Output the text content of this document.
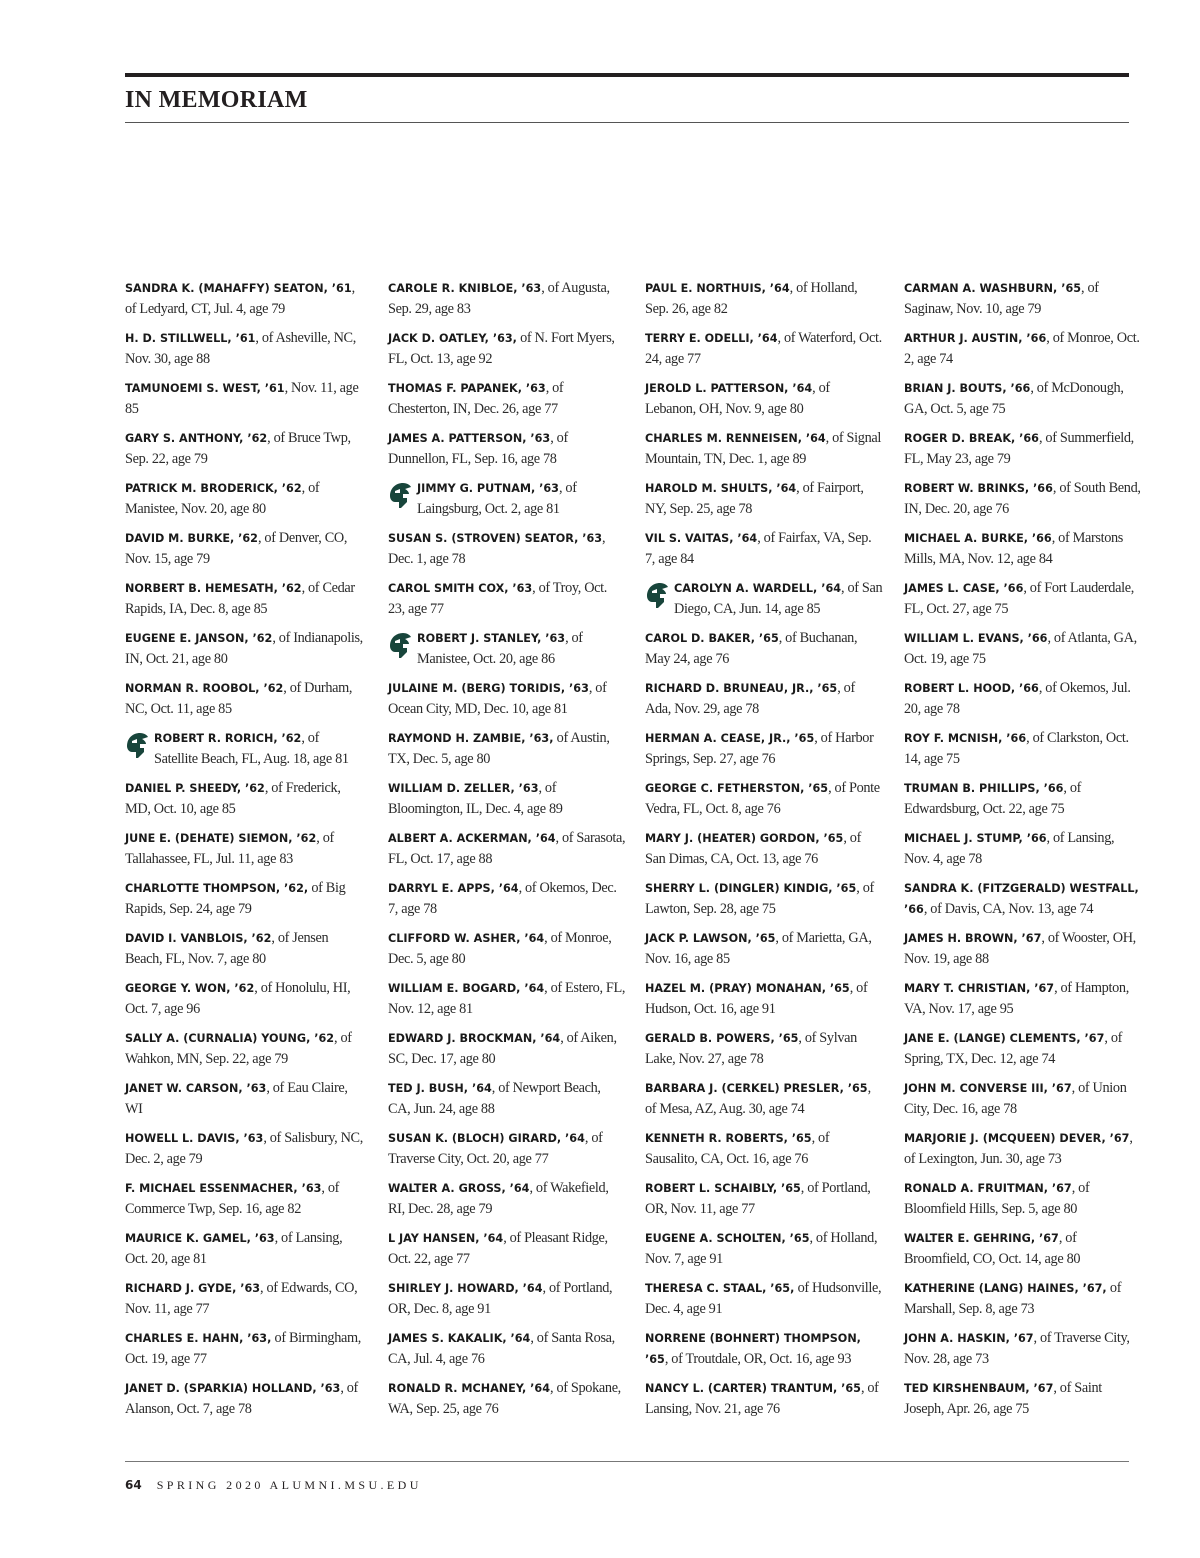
IN MEMORIAM
SANDRA K. (MAHAFFY) SEATON, ’61, of Ledyard, CT, Jul. 4, age 79
H. D. STILLWELL, ’61, of Asheville, NC, Nov. 30, age 88
TAMUNOEMI S. WEST, ’61, Nov. 11, age 85
GARY S. ANTHONY, ’62, of Bruce Twp, Sep. 22, age 79
PATRICK M. BRODERICK, ’62, of Manistee, Nov. 20, age 80
DAVID M. BURKE, ’62, of Denver, CO, Nov. 15, age 79
NORBERT B. HEMESATH, ’62, of Cedar Rapids, IA, Dec. 8, age 85
EUGENE E. JANSON, ’62, of Indianapolis, IN, Oct. 21, age 80
NORMAN R. ROOBOL, ’62, of Durham, NC, Oct. 11, age 85
ROBERT R. RORICH, ’62, of Satellite Beach, FL, Aug. 18, age 81
DANIEL P. SHEEDY, ’62, of Frederick, MD, Oct. 10, age 85
JUNE E. (DEHATE) SIEMON, ’62, of Tallahassee, FL, Jul. 11, age 83
CHARLOTTE THOMPSON, ’62, of Big Rapids, Sep. 24, age 79
DAVID I. VANBLOIS, ’62, of Jensen Beach, FL, Nov. 7, age 80
GEORGE Y. WON, ’62, of Honolulu, HI, Oct. 7, age 96
SALLY A. (CURNALIA) YOUNG, ’62, of Wahkon, MN, Sep. 22, age 79
JANET W. CARSON, ’63, of Eau Claire, WI
HOWELL L. DAVIS, ’63, of Salisbury, NC, Dec. 2, age 79
F. MICHAEL ESSENMACHER, ’63, of Commerce Twp, Sep. 16, age 82
MAURICE K. GAMEL, ’63, of Lansing, Oct. 20, age 81
RICHARD J. GYDE, ’63, of Edwards, CO, Nov. 11, age 77
CHARLES E. HAHN, ’63, of Birmingham, Oct. 19, age 77
JANET D. (SPARKIA) HOLLAND, ’63, of Alanson, Oct. 7, age 78
CAROLE R. KNIBLOE, ’63, of Augusta, Sep. 29, age 83
JACK D. OATLEY, ’63, of N. Fort Myers, FL, Oct. 13, age 92
THOMAS F. PAPANEK, ’63, of Chesterton, IN, Dec. 26, age 77
JAMES A. PATTERSON, ’63, of Dunnellon, FL, Sep. 16, age 78
JIMMY G. PUTNAM, ’63, of Laingsburg, Oct. 2, age 81
SUSAN S. (STROVEN) SEATOR, ’63, Dec. 1, age 78
CAROL SMITH COX, ’63, of Troy, Oct. 23, age 77
ROBERT J. STANLEY, ’63, of Manistee, Oct. 20, age 86
JULAINE M. (BERG) TORIDIS, ’63, of Ocean City, MD, Dec. 10, age 81
RAYMOND H. ZAMBIE, ’63, of Austin, TX, Dec. 5, age 80
WILLIAM D. ZELLER, ’63, of Bloomington, IL, Dec. 4, age 89
ALBERT A. ACKERMAN, ’64, of Sarasota, FL, Oct. 17, age 88
DARRYL E. APPS, ’64, of Okemos, Dec. 7, age 78
CLIFFORD W. ASHER, ’64, of Monroe, Dec. 5, age 80
WILLIAM E. BOGARD, ’64, of Estero, FL, Nov. 12, age 81
EDWARD J. BROCKMAN, ’64, of Aiken, SC, Dec. 17, age 80
TED J. BUSH, ’64, of Newport Beach, CA, Jun. 24, age 88
SUSAN K. (BLOCH) GIRARD, ’64, of Traverse City, Oct. 20, age 77
WALTER A. GROSS, ’64, of Wakefield, RI, Dec. 28, age 79
L JAY HANSEN, ’64, of Pleasant Ridge, Oct. 22, age 77
SHIRLEY J. HOWARD, ’64, of Portland, OR, Dec. 8, age 91
JAMES S. KAKALIK, ’64, of Santa Rosa, CA, Jul. 4, age 76
RONALD R. MCHANEY, ’64, of Spokane, WA, Sep. 25, age 76
PAUL E. NORTHUIS, ’64, of Holland, Sep. 26, age 82
TERRY E. ODELLI, ’64, of Waterford, Oct. 24, age 77
JEROLD L. PATTERSON, ’64, of Lebanon, OH, Nov. 9, age 80
CHARLES M. RENNEISEN, ’64, of Signal Mountain, TN, Dec. 1, age 89
HAROLD M. SHULTS, ’64, of Fairport, NY, Sep. 25, age 78
VIL S. VAITAS, ’64, of Fairfax, VA, Sep. 7, age 84
CAROLYN A. WARDELL, ’64, of San Diego, CA, Jun. 14, age 85
CAROL D. BAKER, ’65, of Buchanan, May 24, age 76
RICHARD D. BRUNEAU, JR., ’65, of Ada, Nov. 29, age 78
HERMAN A. CEASE, JR., ’65, of Harbor Springs, Sep. 27, age 76
GEORGE C. FETHERSTON, ’65, of Ponte Vedra, FL, Oct. 8, age 76
MARY J. (HEATER) GORDON, ’65, of San Dimas, CA, Oct. 13, age 76
SHERRY L. (DINGLER) KINDIG, ’65, of Lawton, Sep. 28, age 75
JACK P. LAWSON, ’65, of Marietta, GA, Nov. 16, age 85
HAZEL M. (PRAY) MONAHAN, ’65, of Hudson, Oct. 16, age 91
GERALD B. POWERS, ’65, of Sylvan Lake, Nov. 27, age 78
BARBARA J. (CERKEL) PRESLER, ’65, of Mesa, AZ, Aug. 30, age 74
KENNETH R. ROBERTS, ’65, of Sausalito, CA, Oct. 16, age 76
ROBERT L. SCHAIBLY, ’65, of Portland, OR, Nov. 11, age 77
EUGENE A. SCHOLTEN, ’65, of Holland, Nov. 7, age 91
THERESA C. STAAL, ’65, of Hudsonville, Dec. 4, age 91
NORRENE (BOHNERT) THOMPSON, ’65, of Troutdale, OR, Oct. 16, age 93
NANCY L. (CARTER) TRANTUM, ’65, of Lansing, Nov. 21, age 76
CARMAN A. WASHBURN, ’65, of Saginaw, Nov. 10, age 79
ARTHUR J. AUSTIN, ’66, of Monroe, Oct. 2, age 74
BRIAN J. BOUTS, ’66, of McDonough, GA, Oct. 5, age 75
ROGER D. BREAK, ’66, of Summerfield, FL, May 23, age 79
ROBERT W. BRINKS, ’66, of South Bend, IN, Dec. 20, age 76
MICHAEL A. BURKE, ’66, of Marstons Mills, MA, Nov. 12, age 84
JAMES L. CASE, ’66, of Fort Lauderdale, FL, Oct. 27, age 75
WILLIAM L. EVANS, ’66, of Atlanta, GA, Oct. 19, age 75
ROBERT L. HOOD, ’66, of Okemos, Jul. 20, age 78
ROY F. MCNISH, ’66, of Clarkston, Oct. 14, age 75
TRUMAN B. PHILLIPS, ’66, of Edwardsburg, Oct. 22, age 75
MICHAEL J. STUMP, ’66, of Lansing, Nov. 4, age 78
SANDRA K. (FITZGERALD) WESTFALL, ’66, of Davis, CA, Nov. 13, age 74
JAMES H. BROWN, ’67, of Wooster, OH, Nov. 19, age 88
MARY T. CHRISTIAN, ’67, of Hampton, VA, Nov. 17, age 95
JANE E. (LANGE) CLEMENTS, ’67, of Spring, TX, Dec. 12, age 74
JOHN M. CONVERSE III, ’67, of Union City, Dec. 16, age 78
MARJORIE J. (MCQUEEN) DEVER, ’67, of Lexington, Jun. 30, age 73
RONALD A. FRUITMAN, ’67, of Bloomfield Hills, Sep. 5, age 80
WALTER E. GEHRING, ’67, of Broomfield, CO, Oct. 14, age 80
KATHERINE (LANG) HAINES, ’67, of Marshall, Sep. 8, age 73
JOHN A. HASKIN, ’67, of Traverse City, Nov. 28, age 73
TED KIRSHENBAUM, ’67, of Saint Joseph, Apr. 26, age 75
64 SPRING 2020 ALUMNI.MSU.EDU
